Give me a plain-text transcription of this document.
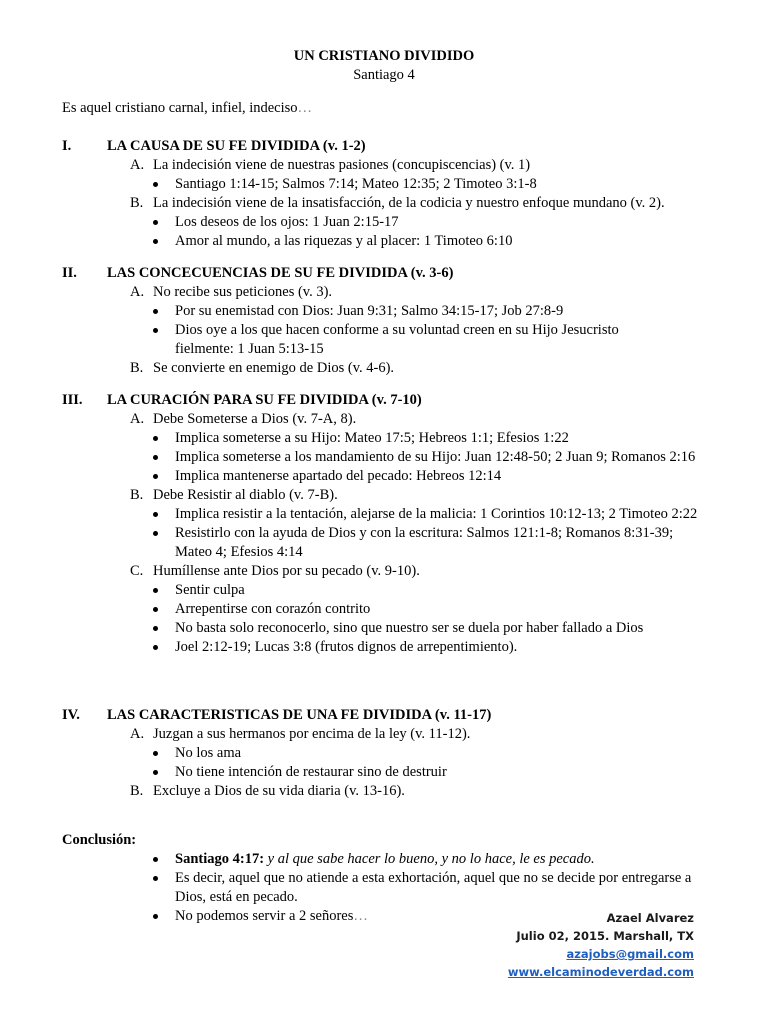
UN CRISTIANO DIVIDIDO
Santiago 4
Es aquel cristiano carnal, infiel, indeciso…
I. LA CAUSA DE SU FE DIVIDIDA (v. 1-2)
A. La indecisión viene de nuestras pasiones (concupiscencias) (v. 1)
Santiago 1:14-15; Salmos 7:14; Mateo 12:35; 2 Timoteo 3:1-8
B. La indecisión viene de la insatisfacción, de la codicia y nuestro enfoque mundano (v. 2).
Los deseos de los ojos: 1 Juan 2:15-17
Amor al mundo, a las riquezas y al placer: 1 Timoteo 6:10
II. LAS CONCECUENCIAS DE SU FE DIVIDIDA (v. 3-6)
A. No recibe sus peticiones (v. 3).
Por su enemistad con Dios: Juan 9:31; Salmo 34:15-17; Job 27:8-9
Dios oye a los que hacen conforme a su voluntad creen en su Hijo Jesucristo fielmente: 1 Juan 5:13-15
B. Se convierte en enemigo de Dios (v. 4-6).
III. LA CURACIÓN PARA SU FE DIVIDIDA (v. 7-10)
A. Debe Someterse a Dios (v. 7-A, 8).
Implica someterse a su Hijo: Mateo 17:5; Hebreos 1:1; Efesios 1:22
Implica someterse a los mandamiento de su Hijo: Juan 12:48-50; 2 Juan 9; Romanos 2:16
Implica mantenerse apartado del pecado: Hebreos 12:14
B. Debe Resistir al diablo (v. 7-B).
Implica resistir a la tentación, alejarse de la malicia: 1 Corintios 10:12-13; 2 Timoteo 2:22
Resistirlo con la ayuda de Dios y con la escritura: Salmos 121:1-8; Romanos 8:31-39; Mateo 4; Efesios 4:14
C. Humíllense ante Dios por su pecado (v. 9-10).
Sentir culpa
Arrepentirse con corazón contrito
No basta solo reconocerlo, sino que nuestro ser se duela por haber fallado a Dios
Joel 2:12-19; Lucas 3:8 (frutos dignos de arrepentimiento).
IV. LAS CARACTERISTICAS DE UNA FE DIVIDIDA (v. 11-17)
A. Juzgan a sus hermanos por encima de la ley (v. 11-12).
No los ama
No tiene intención de restaurar sino de destruir
B. Excluye a Dios de su vida diaria (v. 13-16).
Conclusión:
Santiago 4:17: y al que sabe hacer lo bueno, y no lo hace, le es pecado.
Es decir, aquel que no atiende a esta exhortación, aquel que no se decide por entregarse a Dios, está en pecado.
No podemos servir a 2 señores…	Azael Alvarez
Julio 02, 2015. Marshall, TX
azajobs@gmail.com
www.elcaminodeverdad.com
